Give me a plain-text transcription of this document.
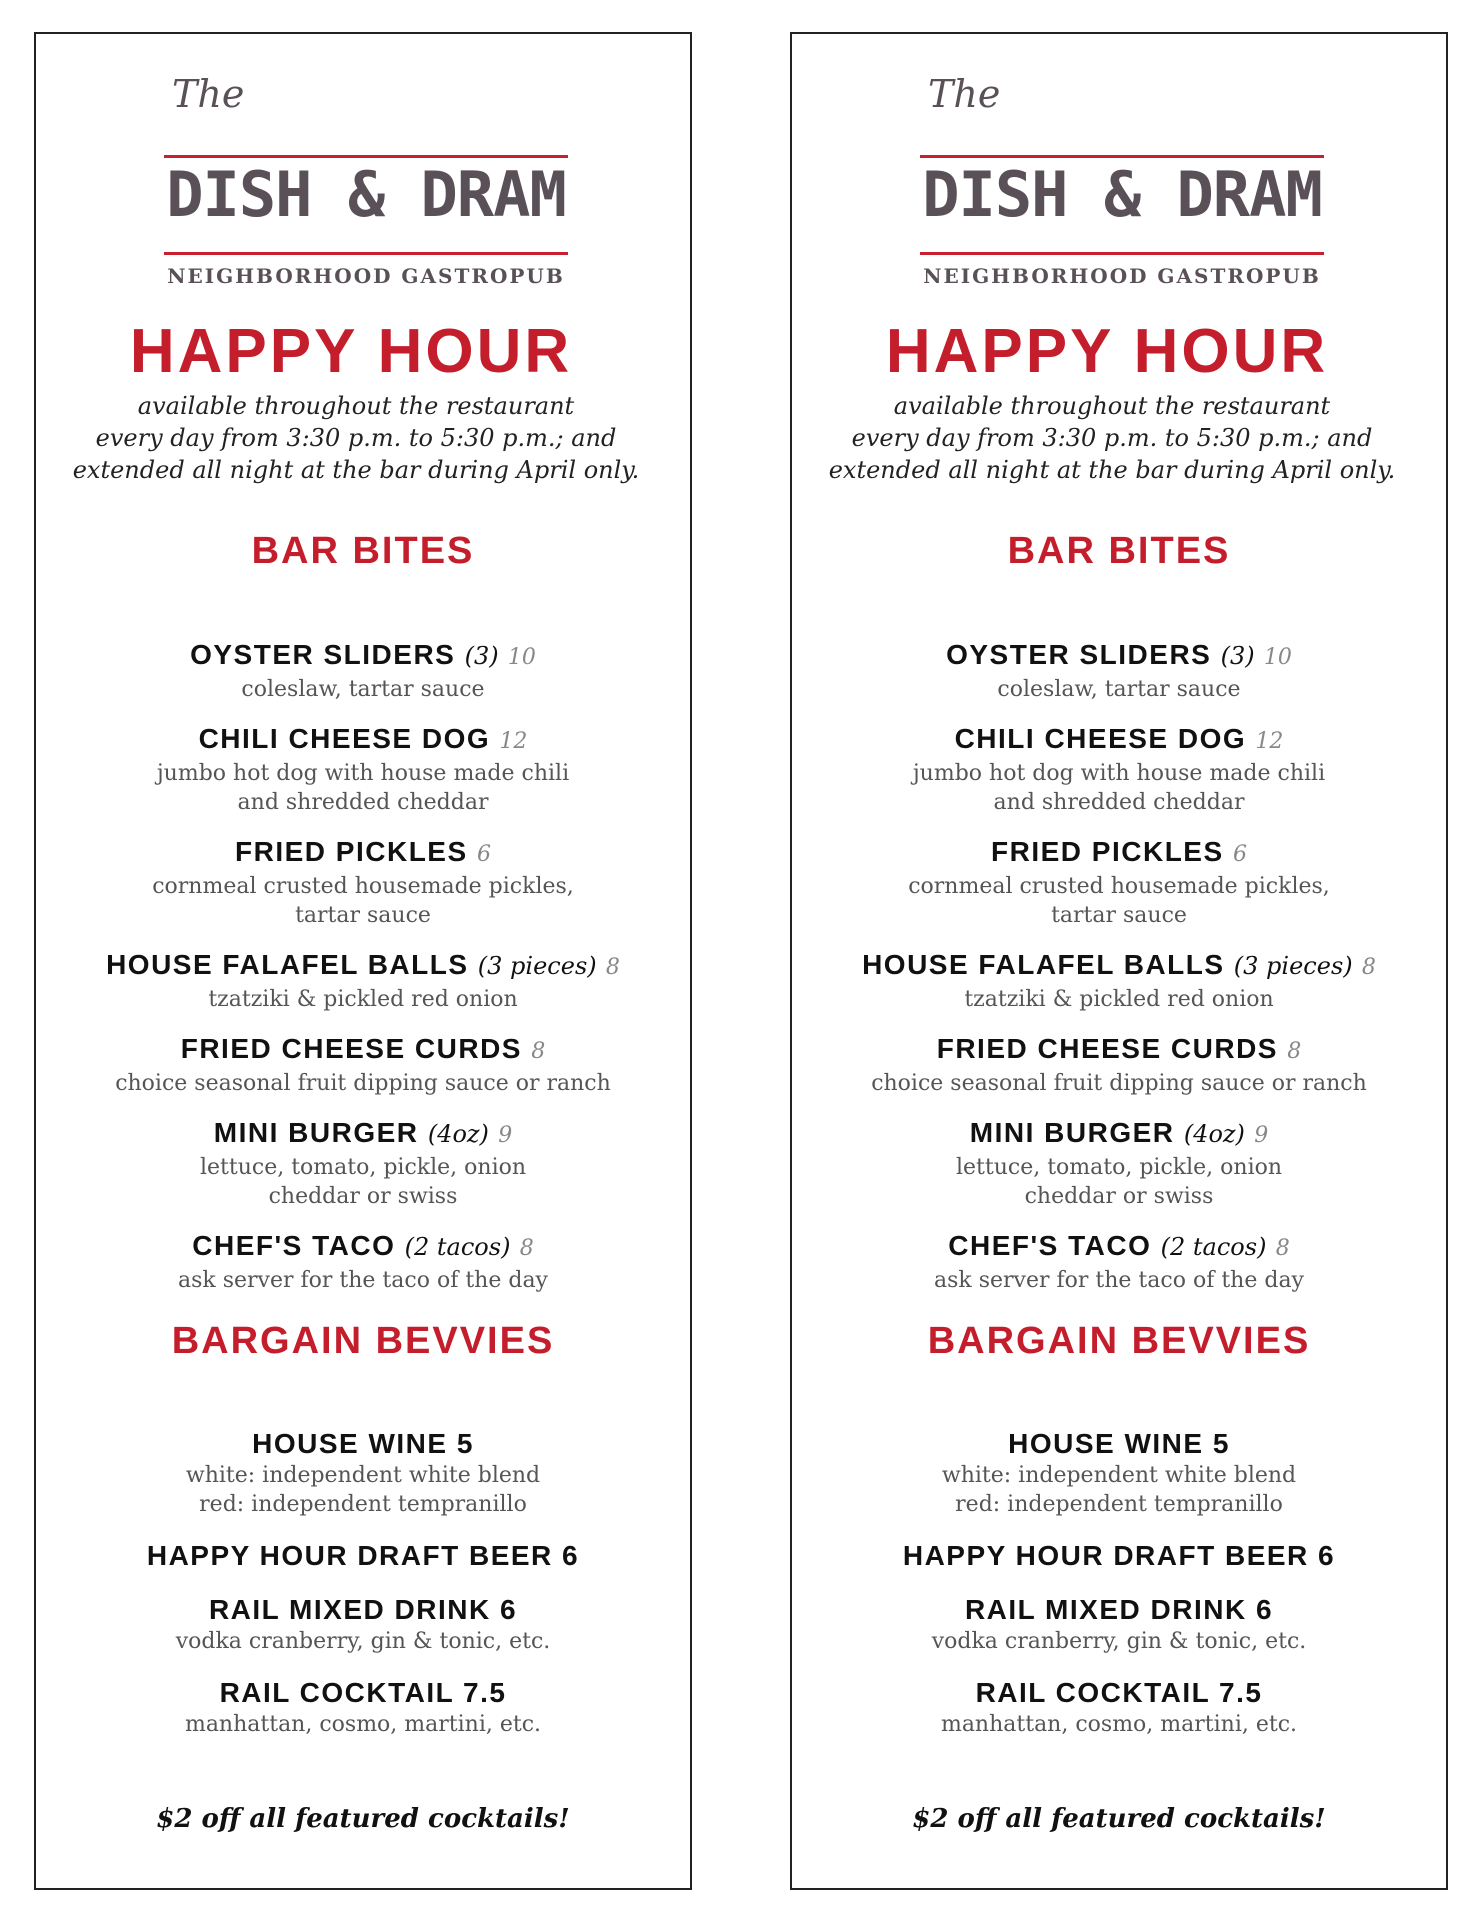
The
DISH & DRAM
NEIGHBORHOOD GASTROPUB
HAPPY HOUR
available throughout the restaurant
every day from 3:30 p.m. to 5:30 p.m.; and
extended all night at the bar during April only.
BAR BITES
OYSTER SLIDERS (3) 10
coleslaw, tartar sauce
CHILI CHEESE DOG 12
jumbo hot dog with house made chili
and shredded cheddar
FRIED PICKLES 6
cornmeal crusted housemade pickles,
tartar sauce
HOUSE FALAFEL BALLS (3 pieces) 8
tzatziki & pickled red onion
FRIED CHEESE CURDS 8
choice seasonal fruit dipping sauce or ranch
MINI BURGER (4oz) 9
lettuce, tomato, pickle, onion
cheddar or swiss
CHEF'S TACO (2 tacos) 8
ask server for the taco of the day
BARGAIN BEVVIES
HOUSE WINE 5
white: independent white blend
red: independent tempranillo
HAPPY HOUR DRAFT BEER 6
RAIL MIXED DRINK 6
vodka cranberry, gin & tonic, etc.
RAIL COCKTAIL 7.5
manhattan, cosmo, martini, etc.
$2 off all featured cocktails!
The
DISH & DRAM
NEIGHBORHOOD GASTROPUB
HAPPY HOUR
available throughout the restaurant
every day from 3:30 p.m. to 5:30 p.m.; and
extended all night at the bar during April only.
BAR BITES
OYSTER SLIDERS (3) 10
coleslaw, tartar sauce
CHILI CHEESE DOG 12
jumbo hot dog with house made chili
and shredded cheddar
FRIED PICKLES 6
cornmeal crusted housemade pickles,
tartar sauce
HOUSE FALAFEL BALLS (3 pieces) 8
tzatziki & pickled red onion
FRIED CHEESE CURDS 8
choice seasonal fruit dipping sauce or ranch
MINI BURGER (4oz) 9
lettuce, tomato, pickle, onion
cheddar or swiss
CHEF'S TACO (2 tacos) 8
ask server for the taco of the day
BARGAIN BEVVIES
HOUSE WINE 5
white: independent white blend
red: independent tempranillo
HAPPY HOUR DRAFT BEER 6
RAIL MIXED DRINK 6
vodka cranberry, gin & tonic, etc.
RAIL COCKTAIL 7.5
manhattan, cosmo, martini, etc.
$2 off all featured cocktails!
